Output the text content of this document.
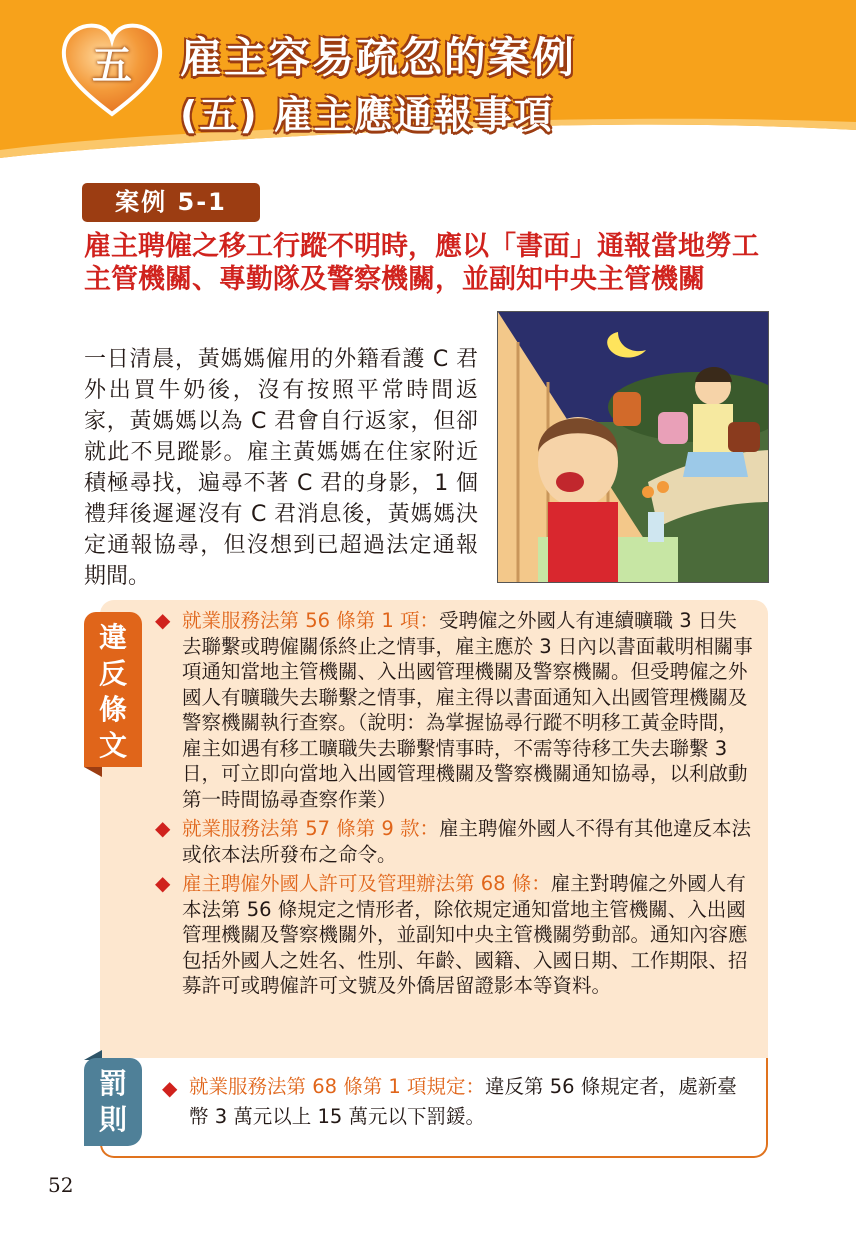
五	雇主容易疏忽的案例
(五) 雇主應通報事項
案例 5-1
雇主聘僱之移工行蹤不明時，應以「書面」通報當地勞工主管機關、專勤隊及警察機關，並副知中央主管機關
一日清晨，黃媽媽僱用的外籍看護 C 君外出買牛奶後，沒有按照平常時間返家，黃媽媽以為 C 君會自行返家，但卻就此不見蹤影。雇主黃媽媽在住家附近積極尋找，遍尋不著 C 君的身影，1 個禮拜後遲遲沒有 C 君消息後，黃媽媽決定通報協尋，但沒想到已超過法定通報期間。
違反條文
◆ 就業服務法第 56 條第 1 項：受聘僱之外國人有連續曠職 3 日失去聯繫或聘僱關係終止之情事，雇主應於 3 日內以書面載明相關事項通知當地主管機關、入出國管理機關及警察機關。但受聘僱之外國人有曠職失去聯繫之情事，雇主得以書面通知入出國管理機關及警察機關執行查察。（說明：為掌握協尋行蹤不明移工黃金時間，雇主如遇有移工曠職失去聯繫情事時，不需等待移工失去聯繫 3 日，可立即向當地入出國管理機關及警察機關通知協尋，以利啟動第一時間協尋查察作業）
◆ 就業服務法第 57 條第 9 款：雇主聘僱外國人不得有其他違反本法或依本法所發布之命令。
◆ 雇主聘僱外國人許可及管理辦法第 68 條：雇主對聘僱之外國人有本法第 56 條規定之情形者，除依規定通知當地主管機關、入出國管理機關及警察機關外，並副知中央主管機關勞動部。通知內容應包括外國人之姓名、性別、年齡、國籍、入國日期、工作期限、招募許可或聘僱許可文號及外僑居留證影本等資料。
罰則
◆ 就業服務法第 68 條第 1 項規定：違反第 56 條規定者，處新臺幣 3 萬元以上 15 萬元以下罰鍰。
52
